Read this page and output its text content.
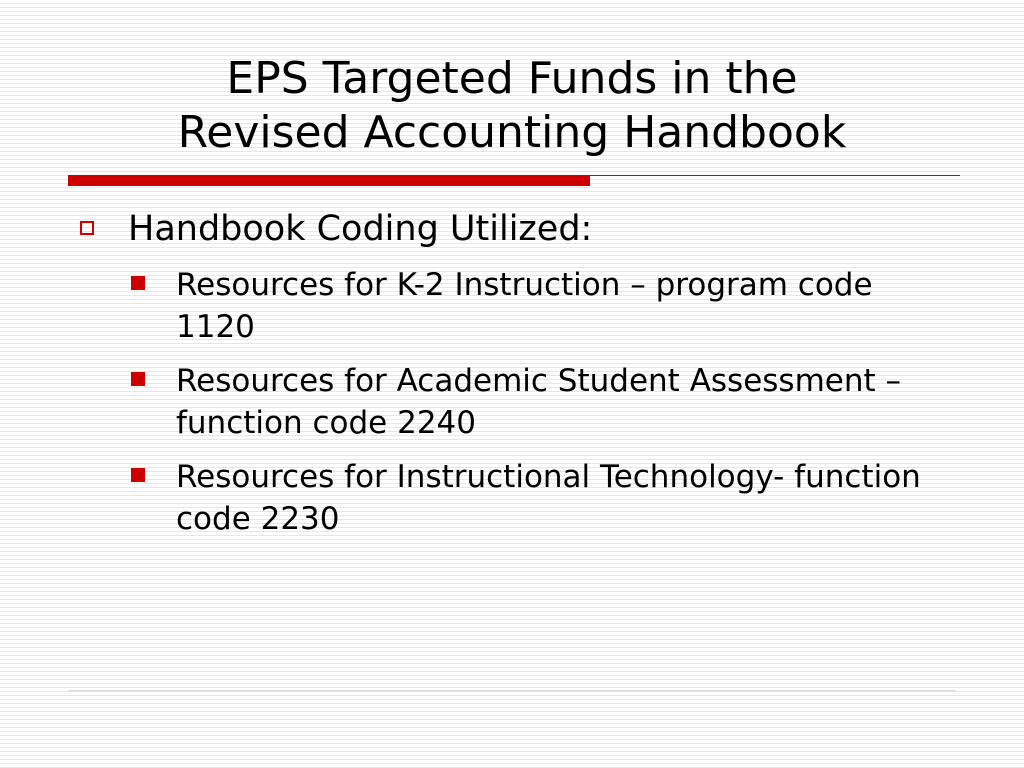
EPS Targeted Funds in the
Revised Accounting Handbook
Handbook Coding Utilized:
Resources for K-2 Instruction – program code 1120
Resources for Academic Student Assessment – function code 2240
Resources for Instructional Technology- function code 2230
